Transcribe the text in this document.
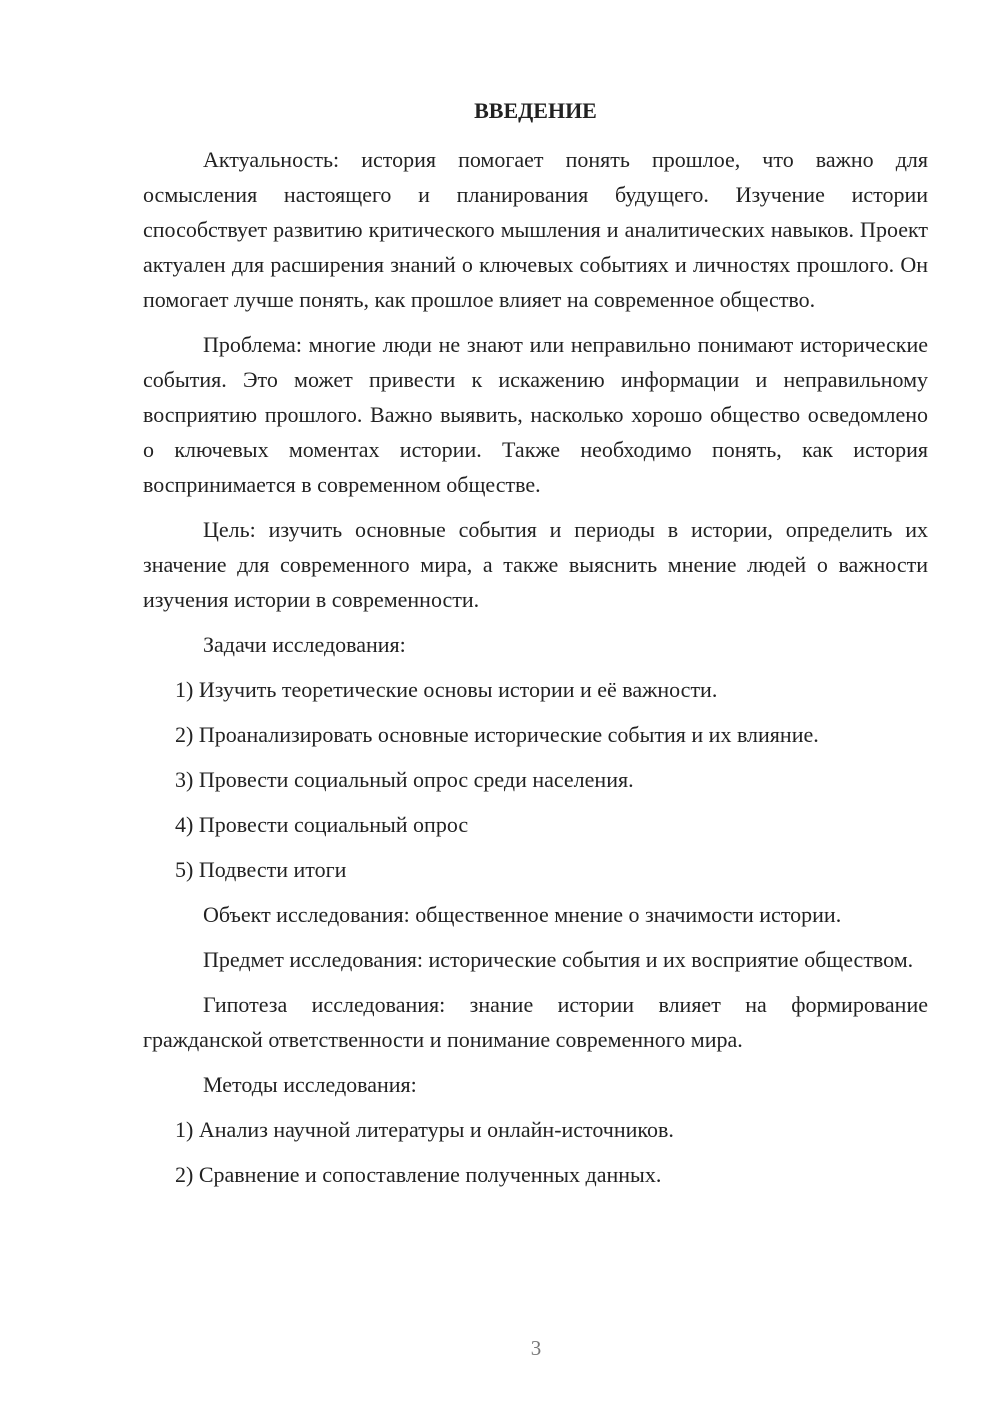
ВВЕДЕНИЕ

Актуальность: история помогает понять прошлое, что важно для осмысления настоящего и планирования будущего. Изучение истории способствует развитию критического мышления и аналитических навыков. Проект актуален для расширения знаний о ключевых событиях и личностях прошлого. Он помогает лучше понять, как прошлое влияет на современное общество.

Проблема: многие люди не знают или неправильно понимают исторические события. Это может привести к искажению информации и неправильному восприятию прошлого. Важно выявить, насколько хорошо общество осведомлено о ключевых моментах истории. Также необходимо понять, как история воспринимается в современном обществе.

Цель: изучить основные события и периоды в истории, определить их значение для современного мира, а также выяснить мнение людей о важности изучения истории в современности.

Задачи исследования:

1) Изучить теоретические основы истории и её важности.
2) Проанализировать основные исторические события и их влияние.
3) Провести социальный опрос среди населения.
4) Провести социальный опрос
5) Подвести итоги

Объект исследования: общественное мнение о значимости истории.

Предмет исследования: исторические события и их восприятие обществом.

Гипотеза исследования: знание истории влияет на формирование гражданской ответственности и понимание современного мира.

Методы исследования:

1) Анализ научной литературы и онлайн-источников.
2) Сравнение и сопоставление полученных данных.
3
